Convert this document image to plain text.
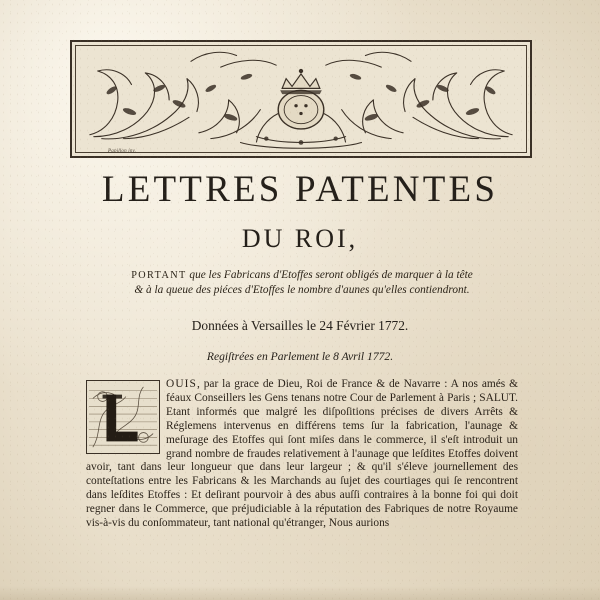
Papillon inv.
LETTRES PATENTES
DU ROI,
PORTANT que les Fabricans d'Etoffes seront obligés de marquer à la tête
& à la queue des piéces d'Etoffes le nombre d'aunes qu'elles contiendront.
Données à Versailles le 24 Février 1772.
Regiſtrées en Parlement le 8 Avril 1772.
OUIS, par la grace de Dieu, Roi de France & de Navarre : A nos amés & féaux Conseillers les Gens tenans notre Cour de Parlement à Paris ; SALUT. Etant informés que malgré les diſpoſitions précises de divers Arrêts & Réglemens intervenus en différens tems ſur la fabrication, l'aunage & meſurage des Etoffes qui ſont miſes dans le commerce, il s'eſt introduit un grand nombre de fraudes relativement à l'aunage que leſdites Etoffes doivent avoir, tant dans leur longueur que dans leur largeur ; & qu'il s'éleve journellement des conteſtations entre les Fabricans & les Marchands au ſujet des courtiages qui ſe rencontrent dans leſdites Etoffes : Et deſirant pourvoir à des abus auſſi contraires à la bonne foi qui doit regner dans le Commerce, que préjudiciable à la réputation des Fabriques de notre Royaume vis-à-vis du conſommateur, tant national qu'étranger, Nous aurions
